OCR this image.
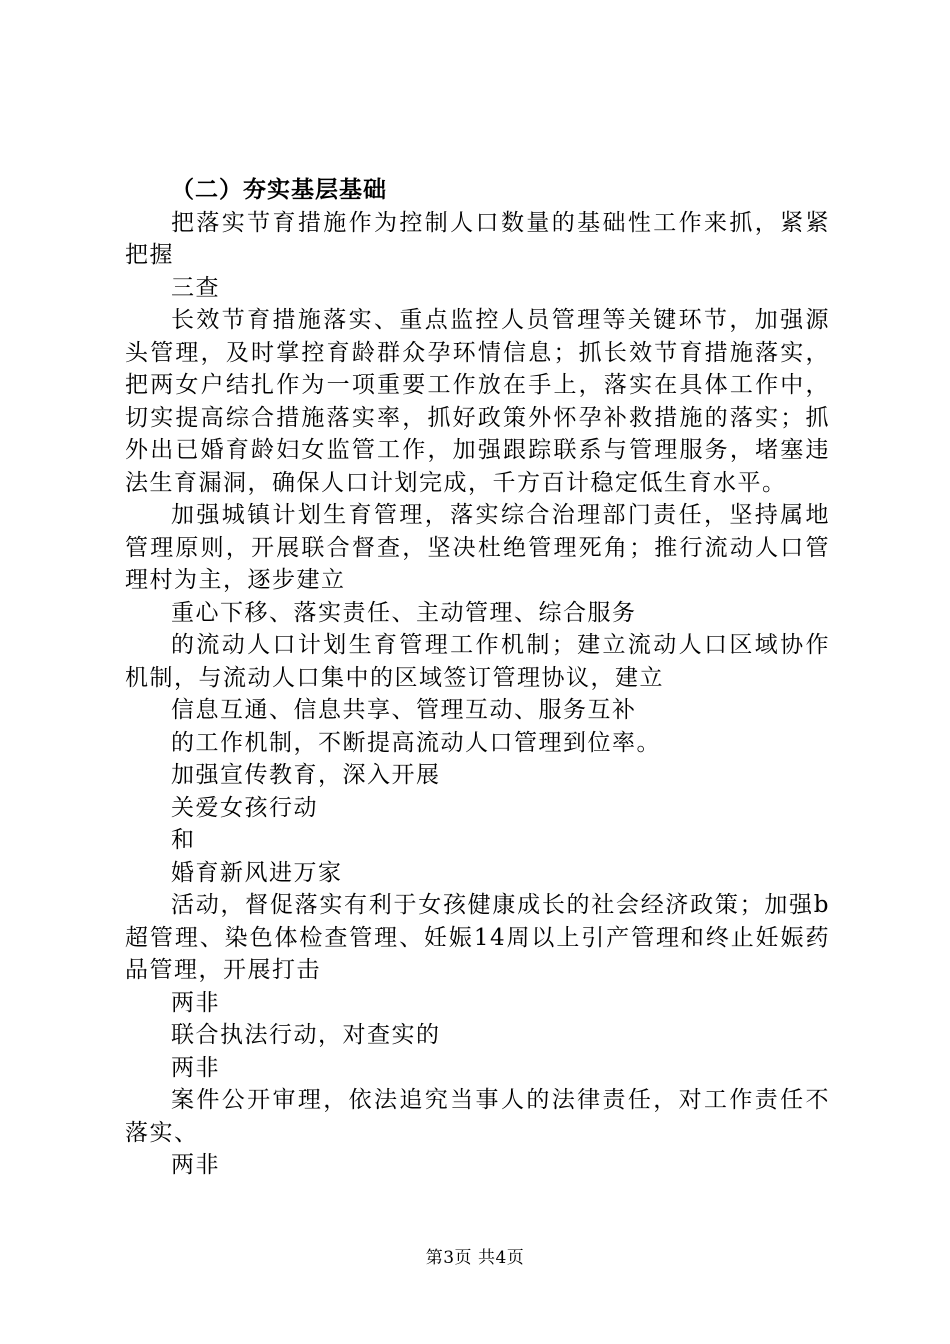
（二）夯实基层基础

把落实节育措施作为控制人口数量的基础性工作来抓，紧紧把握

三查

长效节育措施落实、重点监控人员管理等关键环节，加强源头管理，及时掌控育龄群众孕环情信息；抓长效节育措施落实，把两女户结扎作为一项重要工作放在手上，落实在具体工作中，切实提高综合措施落实率，抓好政策外怀孕补救措施的落实；抓外出已婚育龄妇女监管工作，加强跟踪联系与管理服务，堵塞违法生育漏洞，确保人口计划完成，千方百计稳定低生育水平。

加强城镇计划生育管理，落实综合治理部门责任，坚持属地管理原则，开展联合督查，坚决杜绝管理死角；推行流动人口管理村为主，逐步建立

重心下移、落实责任、主动管理、综合服务

的流动人口计划生育管理工作机制；建立流动人口区域协作机制，与流动人口集中的区域签订管理协议，建立

信息互通、信息共享、管理互动、服务互补

的工作机制，不断提高流动人口管理到位率。

加强宣传教育，深入开展

关爱女孩行动

和

婚育新风进万家

活动，督促落实有利于女孩健康成长的社会经济政策；加强b超管理、染色体检查管理、妊娠14周以上引产管理和终止妊娠药品管理，开展打击

两非

联合执法行动，对查实的

两非

案件公开审理，依法追究当事人的法律责任，对工作责任不落实、

两非

第3页 共4页
